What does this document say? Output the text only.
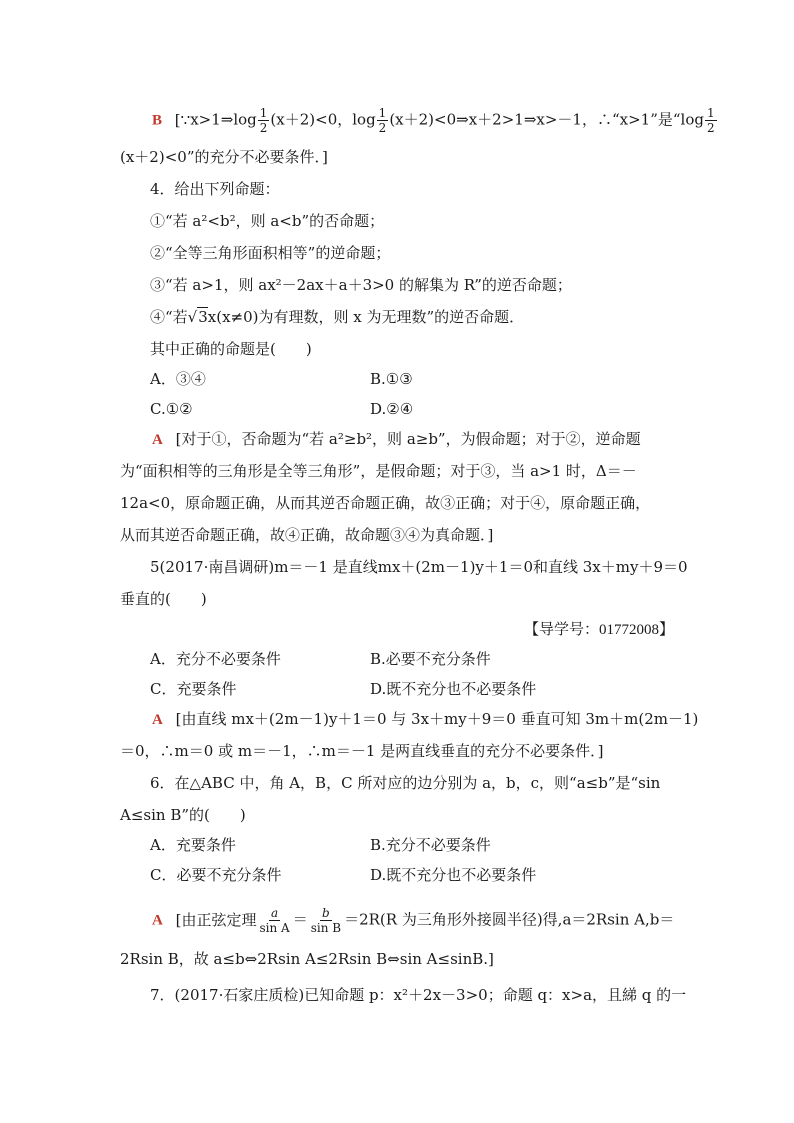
B [∵x>1⇒log $\frac{1}{2} (x+2)<0$，$\log \frac{1}{2}$ (x＋2)<0⇒x＋2>1⇒x>－1，∴“x>1”是“$\log \frac{1}{2}$
(x＋2)<0”的充分不必要条件．]
4．给出下列命题：
①“若 a²<b²，则 a<b”的否命题；
②“全等三角形面积相等”的逆命题；
③“若 a>1，则 ax²－2ax＋a＋3>0 的解集为 R”的逆否命题；
④“若√3x(x≠0)为有理数，则 x 为无理数”的逆否命题．
其中正确的命题是(　　)
A．③④	B.①③
C.①②	D.②④
A [对于①，否命题为“若 a²≥b²，则 a≥b”，为假命题；对于②，逆命题
为“面积相等的三角形是全等三角形”，是假命题；对于③，当 a>1 时，Δ＝－
12a<0，原命题正确，从而其逆否命题正确，故③正确；对于④，原命题正确，
从而其逆否命题正确，故④正确，故命题③④为真命题．]
5(2017·南昌调研)m＝－1 是直线mx＋(2m－1)y＋1＝0和直线 3x＋my＋9＝0
垂直的(　　)
【导学号：01772008】
A．充分不必要条件	B.必要不充分条件
C．充要条件	D.既不充分也不必要条件
A [由直线 mx＋(2m－1)y＋1＝0 与 3x＋my＋9＝0 垂直可知 3m＋m(2m－1)
＝0，∴m＝0 或 m＝－1，∴m＝－1 是两直线垂直的充分不必要条件．]
6．在△ABC 中，角 A，B，C 所对应的边分别为 a，b，c，则“a≤b”是“sin
A≤sin B”的(　　)
A．充要条件	B.充分不必要条件
C．必要不充分条件	D.既不充分也不必要条件
A [由正弦定理 $\frac{a}{\text{sin A}} = \frac{b}{\text{sin B}} =2R(R$ 为三角形外接圆半径)得,a＝2Rsin A,b＝
2Rsin B，故 a≤b⇔2Rsin A≤2Rsin B⇔sin A≤sinB.]
7．(2017·石家庄质检)已知命题 p：x²＋2x－3>0；命题 q：x>a，且綈 q 的一
